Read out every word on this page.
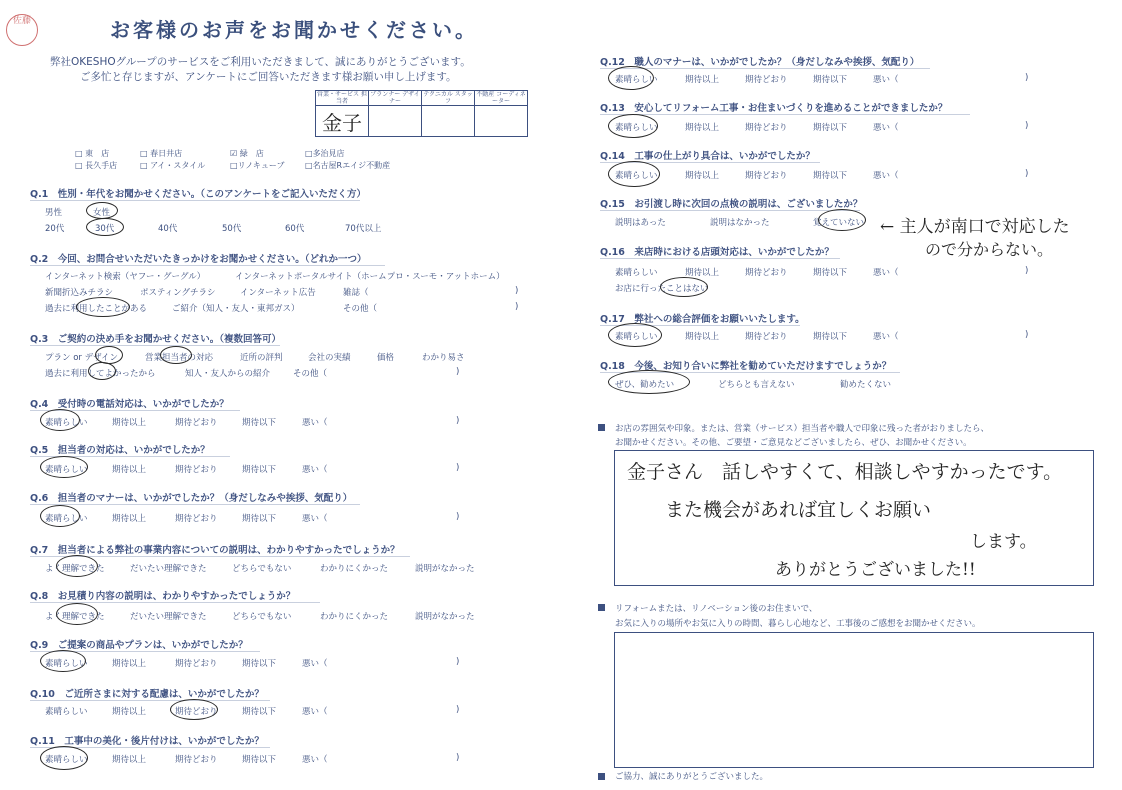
佐藤	お客様のお声をお聞かせください。
弊社OKESHOグループのサービスをご利用いただきまして、誠にありがとうございます。
ご多忙と存じますが、アンケートにご回答いただきます様お願い申し上げます。
営業・サービス 担当者	プランナー デザイナー	テクニカル スタッフ	不動産 コーディネーター
金子			
□ 東　店	□ 春日井店	☑ 緑　店	□多治見店
□ 長久手店	□ アイ・スタイル	□リノキューブ	□名古屋Rエイジ不動産
Q.1　性別・年代をお聞かせください。（このアンケートをご記入いただく方）
男性	女性
20代	30代	40代	50代	60代	70代以上
Q.2　今回、お問合せいただいたきっかけをお聞かせください。（どれか一つ）
インターネット検索（ヤフー・グーグル）	インターネットポータルサイト（ホームプロ・スーモ・アットホーム）
新聞折込みチラシ	ポスティングチラシ	インターネット広告	雑誌（	)
過去に利用したことがある	ご紹介（知人・友人・東邦ガス）	その他（	)
Q.3　ご契約の決め手をお聞かせください。（複数回答可）
プラン or デザイン	営業担当者の対応	近所の評判	会社の実績	価格	わかり易さ
過去に利用してよかったから	知人・友人からの紹介	その他（	)
Q.4　受付時の電話対応は、いかがでしたか？
素晴らしい	期待以上	期待どおり	期待以下	悪い（	)
Q.5　担当者の対応は、いかがでしたか？
素晴らしい	期待以上	期待どおり	期待以下	悪い（	)
Q.6　担当者のマナーは、いかがでしたか？（身だしなみや挨拶、気配り）
素晴らしい	期待以上	期待どおり	期待以下	悪い（	)
Q.7　担当者による弊社の事業内容についての説明は、わかりやすかったでしょうか？
よく理解できた	だいたい理解できた	どちらでもない	わかりにくかった	説明がなかった
Q.8　お見積り内容の説明は、わかりやすかったでしょうか？
よく理解できた	だいたい理解できた	どちらでもない	わかりにくかった	説明がなかった
Q.9　ご提案の商品やプランは、いかがでしたか？
素晴らしい	期待以上	期待どおり	期待以下	悪い（	)
Q.10　ご近所さまに対する配慮は、いかがでしたか？
素晴らしい	期待以上	期待どおり	期待以下	悪い（	)
Q.11　工事中の美化・後片付けは、いかがでしたか？
素晴らしい	期待以上	期待どおり	期待以下	悪い（	)
Q.12　職人のマナーは、いかがでしたか？（身だしなみや挨拶、気配り）
素晴らしい	期待以上	期待どおり	期待以下	悪い（	)
Q.13　安心してリフォーム工事・お住まいづくりを進めることができましたか？
素晴らしい	期待以上	期待どおり	期待以下	悪い（	)
Q.14　工事の仕上がり具合は、いかがでしたか？
素晴らしい	期待以上	期待どおり	期待以下	悪い（	)
Q.15　お引渡し時に次回の点検の説明は、ございましたか？
説明はあった	説明はなかった	覚えていない ← 主人が南口で対応した
ので分からない。
Q.16　来店時における店頭対応は、いかがでしたか？
素晴らしい	期待以上	期待どおり	期待以下	悪い（	)
お店に行ったことはない
Q.17　弊社への総合評価をお願いいたします。
素晴らしい	期待以上	期待どおり	期待以下	悪い（	)
Q.18　今後、お知り合いに弊社を勧めていただけますでしょうか？
ぜひ、勧めたい	どちらとも言えない	勧めたくない
お店の雰囲気や印象。または、営業（サービス）担当者や職人で印象に残った者がおりましたら、
お聞かせください。その他、ご要望・ご意見などございましたら、ぜひ、お聞かせください。
金子さん　話しやすくて、相談しやすかったです。
また機会があれば宜しくお願い
します。
ありがとうございました!!
リフォームまたは、リノベーション後のお住まいで、
お気に入りの場所やお気に入りの時間、暮らし心地など、工事後のご感想をお聞かせください。
ご協力、誠にありがとうございました。
